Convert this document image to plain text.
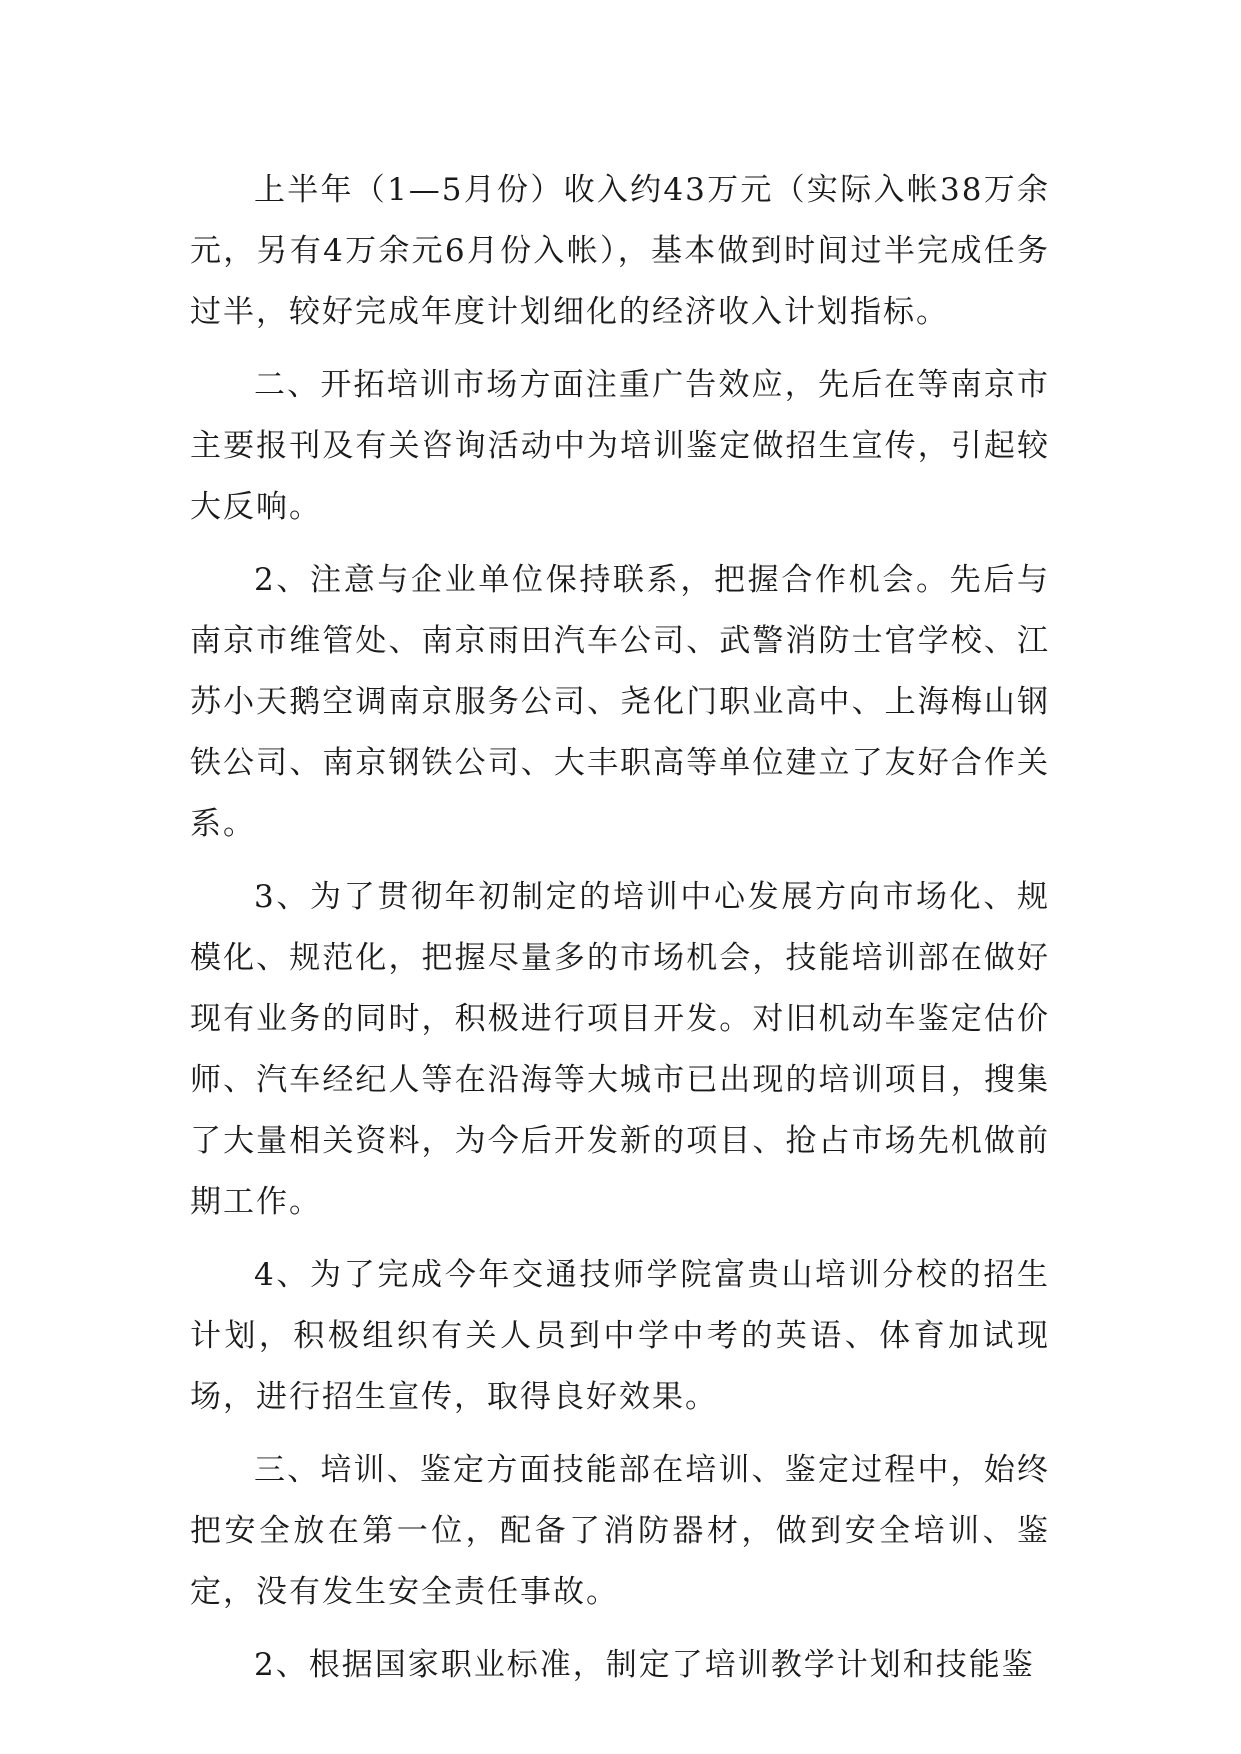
上半年（1—5月份）收入约43万元（实际入帐38万余元，另有4万余元6月份入帐），基本做到时间过半完成任务过半，较好完成年度计划细化的经济收入计划指标。

二、开拓培训市场方面注重广告效应，先后在等南京市主要报刊及有关咨询活动中为培训鉴定做招生宣传，引起较大反响。

2、注意与企业单位保持联系，把握合作机会。先后与南京市维管处、南京雨田汽车公司、武警消防士官学校、江苏小天鹅空调南京服务公司、尧化门职业高中、上海梅山钢铁公司、南京钢铁公司、大丰职高等单位建立了友好合作关系。

3、为了贯彻年初制定的培训中心发展方向市场化、规模化、规范化，把握尽量多的市场机会，技能培训部在做好现有业务的同时，积极进行项目开发。对旧机动车鉴定估价师、汽车经纪人等在沿海等大城市已出现的培训项目，搜集了大量相关资料，为今后开发新的项目、抢占市场先机做前期工作。

4、为了完成今年交通技师学院富贵山培训分校的招生计划，积极组织有关人员到中学中考的英语、体育加试现场，进行招生宣传，取得良好效果。

三、培训、鉴定方面技能部在培训、鉴定过程中，始终把安全放在第一位，配备了消防器材，做到安全培训、鉴定，没有发生安全责任事故。

2、根据国家职业标准，制定了培训教学计划和技能鉴
